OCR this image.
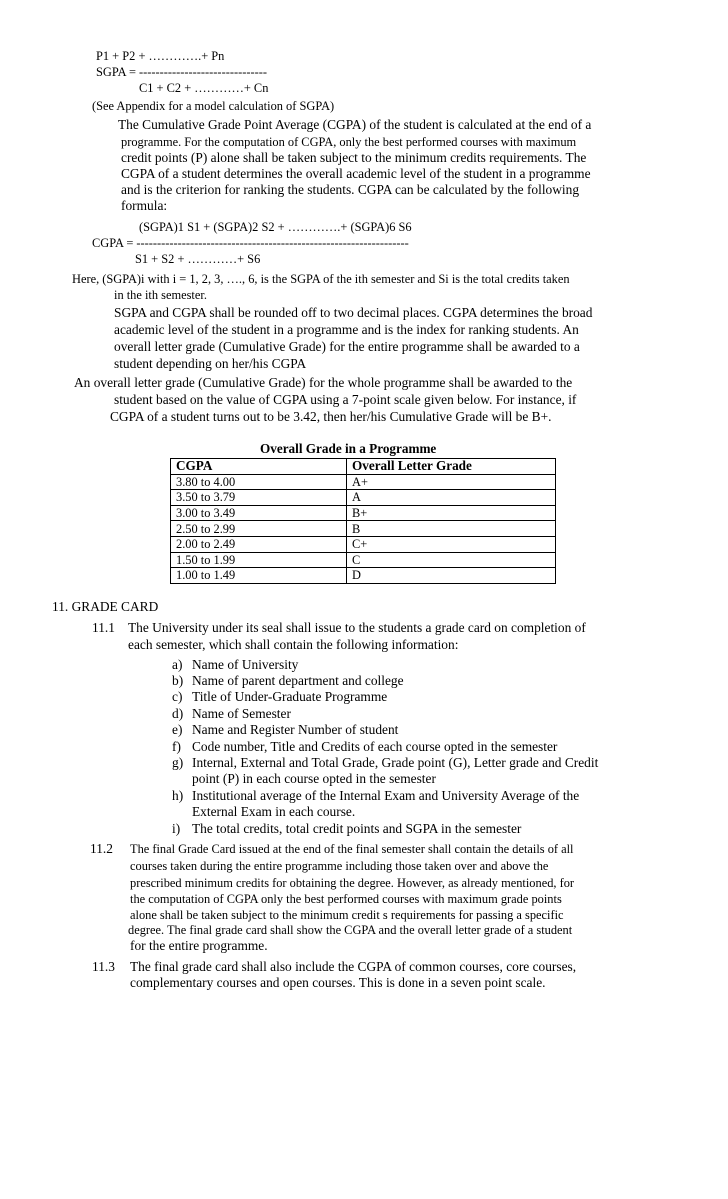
P1 + P2 + ………….+ Pn
SGPA = -------------------------------
C1 + C2 + …………+ Cn
(See Appendix for a model calculation of SGPA)
The Cumulative Grade Point Average (CGPA) of the student is calculated at the end of a
programme. For the computation of CGPA, only the best performed courses with maximum
credit points (P) alone shall be taken subject to the minimum credits requirements. The
CGPA of a student determines the overall academic level of the student in a programme
and is the criterion for ranking the students. CGPA can be calculated by the following
formula:
(SGPA)1 S1 + (SGPA)2 S2 + ………….+ (SGPA)6 S6
CGPA = ------------------------------------------------------------------
S1 + S2 + …………+ S6
Here, (SGPA)i with i = 1, 2, 3, …., 6, is the SGPA of the ith semester and Si is the total credits taken
in the ith semester.
SGPA and CGPA shall be rounded off to two decimal places. CGPA determines the broad
academic level of the student in a programme and is the index for ranking students. An
overall letter grade (Cumulative Grade) for the entire programme shall be awarded to a
student depending on her/his CGPA
An overall letter grade (Cumulative Grade) for the whole programme shall be awarded to the
student based on the value of CGPA using a 7-point scale given below. For instance, if
CGPA of a student turns out to be 3.42, then her/his Cumulative Grade will be B+.
Overall Grade in a Programme
CGPA	Overall Letter Grade
3.80 to 4.00	A+
3.50 to 3.79	A
3.00 to 3.49	B+
2.50 to 2.99	B
2.00 to 2.49	C+
1.50 to 1.99	C
1.00 to 1.49	D
11. GRADE CARD
11.1 The University under its seal shall issue to the students a grade card on completion of
each semester, which shall contain the following information:
a) Name of University
b) Name of parent department and college
c) Title of Under-Graduate Programme
d) Name of Semester
e) Name and Register Number of student
f) Code number, Title and Credits of each course opted in the semester
g) Internal, External and Total Grade, Grade point (G), Letter grade and Credit
point (P) in each course opted in the semester
h) Institutional average of the Internal Exam and University Average of the
External Exam in each course.
i) The total credits, total credit points and SGPA in the semester
11.2 The final Grade Card issued at the end of the final semester shall contain the details of all
courses taken during the entire programme including those taken over and above the
prescribed minimum credits for obtaining the degree. However, as already mentioned, for
the computation of CGPA only the best performed courses with maximum grade points
alone shall be taken subject to the minimum credit s requirements for passing a specific
degree. The final grade card shall show the CGPA and the overall letter grade of a student
for the entire programme.
11.3 The final grade card shall also include the CGPA of common courses, core courses,
complementary courses and open courses. This is done in a seven point scale.
